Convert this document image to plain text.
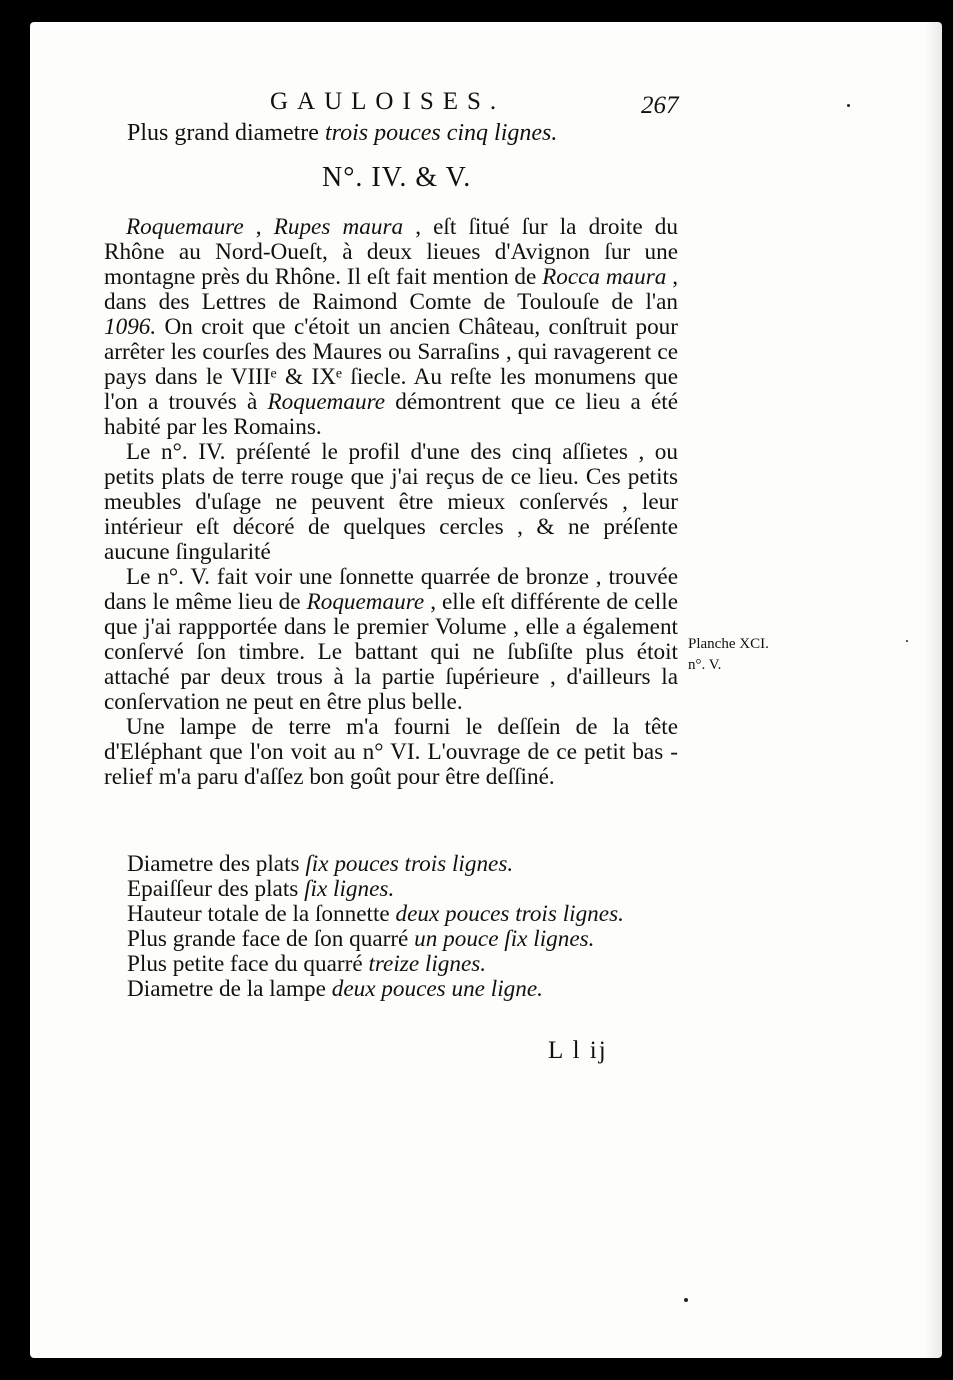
GAULOISES.	267
Plus grand diametre trois pouces cinq lignes.
N°. IV. & V.

Roquemaure , Rupes maura , eſt ſitué ſur la droite du Rhône au Nord-Oueſt, à deux lieues d'Avignon ſur une montagne près du Rhône. Il eſt fait mention de Rocca maura , dans des Lettres de Raimond Comte de Toulouſe de l'an 1096. On croit que c'étoit un ancien Château, conſtruit pour arrêter les courſes des Maures ou Sarraſins , qui ravagerent ce pays dans le VIIIᵉ & IXᵉ ſiecle. Au reſte les monumens que l'on a trouvés à Roquemaure démontrent que ce lieu a été habité par les Romains.

Le n°. IV. préſenté le profil d'une des cinq aſſietes , ou petits plats de terre rouge que j'ai reçus de ce lieu. Ces petits meubles d'uſage ne peuvent être mieux conſervés , leur intérieur eſt décoré de quelques cercles , & ne préſente aucune ſingularité

Le n°. V. fait voir une ſonnette quarrée de bronze , trouvée dans le même lieu de Roquemaure , elle eſt différente de celle que j'ai rappportée dans le premier Volume , elle a également conſervé ſon timbre. Le battant qui ne ſubſiſte plus étoit attaché par deux trous à la partie ſupérieure , d'ailleurs la conſervation ne peut en être plus belle.

Une lampe de terre m'a fourni le deſſein de la tête d'Eléphant que l'on voit au n° VI. L'ouvrage de ce petit bas - relief m'a paru d'aſſez bon goût pour être deſſiné.

Diametre des plats ſix pouces trois lignes.
Epaiſſeur des plats ſix lignes.
Hauteur totale de la ſonnette deux pouces trois lignes.
Plus grande face de ſon quarré un pouce ſix lignes.
Plus petite face du quarré treize lignes.
Diametre de la lampe deux pouces une ligne.
Planche XCI.
n°. V.
L l ij
